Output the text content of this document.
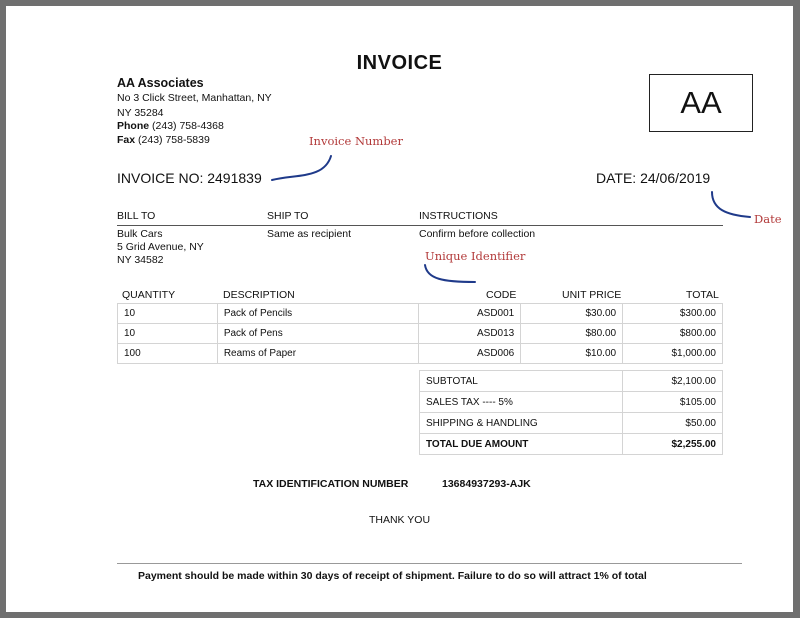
INVOICE
AA Associates
No 3 Click Street, Manhattan, NY
NY 35284
Phone (243) 758-4368
Fax (243) 758-5839
AA
Invoice Number
INVOICE NO: 2491839	DATE: 24/06/2019
Date
BILL TO	SHIP TO	INSTRUCTIONS
Bulk Cars
5 Grid Avenue, NY
NY 34582
Same as recipient	Confirm before collection
Unique Identifier
QUANTITY	DESCRIPTION	CODE	UNIT PRICE	TOTAL
10	Pack of Pencils	ASD001	$30.00	$300.00
10	Pack of Pens	ASD013	$80.00	$800.00
100	Reams of Paper	ASD006	$10.00	$1,000.00
SUBTOTAL	$2,100.00
SALES TAX ---- 5%	$105.00
SHIPPING & HANDLING	$50.00
TOTAL DUE AMOUNT	$2,255.00
TAX IDENTIFICATION NUMBER	13684937293-AJK
THANK YOU
Payment should be made within 30 days of receipt of shipment. Failure to do so will attract 1% of total
